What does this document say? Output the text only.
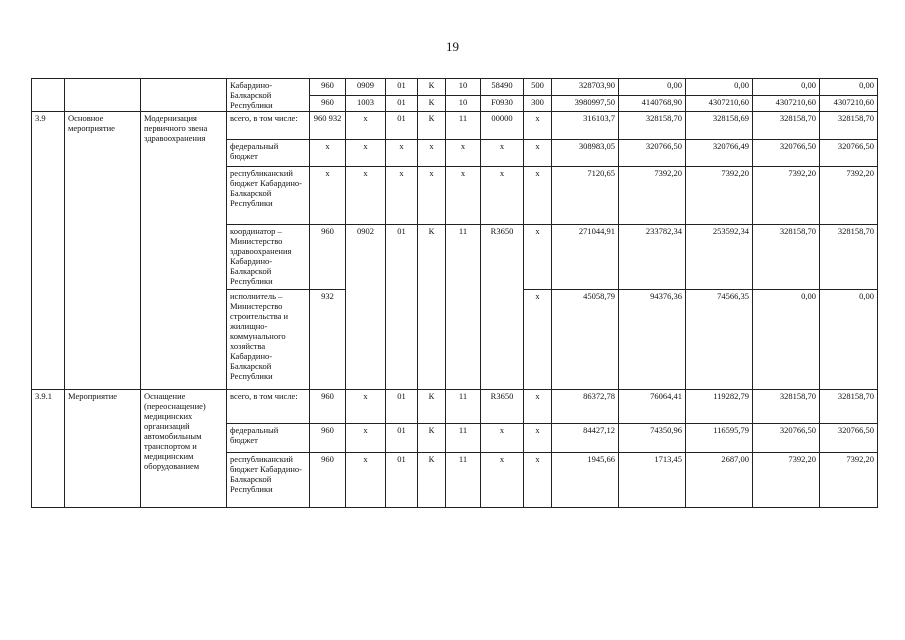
19
			Кабардино-Балкарской Республики	960	0909	01	К	10	58490	500	328703,90	0,00	0,00	0,00	0,00
				960	1003	01	К	10	F0930	300	3980997,50	4140768,90	4307210,60	4307210,60	4307210,60
3.9	Основное мероприятие	Модернизация первичного звена здравоохранения	всего, в том числе:	960 932	x	01	К	11	00000	x	316103,7	328158,70	328158,69	328158,70	328158,70
			федеральный бюджет	x	x	x	x	x	x	x	308983,05	320766,50	320766,49	320766,50	320766,50
			республиканский бюджет Кабардино-Балкарской Республики	x	x	x	x	x	x	x	7120,65	7392,20	7392,20	7392,20	7392,20
			координатор – Министерство здравоохранения Кабардино-Балкарской Республики	960	0902	01	К	11	R3650	x	271044,91	233782,34	253592,34	328158,70	328158,70
			исполнитель – Министерство строительства и жилищно-коммунального хозяйства Кабардино-Балкарской Республики	932						x	45058,79	94376,36	74566,35	0,00	0,00
3.9.1	Мероприятие	Оснащение (переоснащение) медицинских организаций автомобильным транспортом и медицинским оборудованием	всего, в том числе:	960	x	01	К	11	R3650	x	86372,78	76064,41	119282,79	328158,70	328158,70
			федеральный бюджет	960	x	01	К	11	x	x	84427,12	74350,96	116595,79	320766,50	320766,50
			республиканский бюджет Кабардино-Балкарской Республики	960	x	01	К	11	x	x	1945,66	1713,45	2687,00	7392,20	7392,20
